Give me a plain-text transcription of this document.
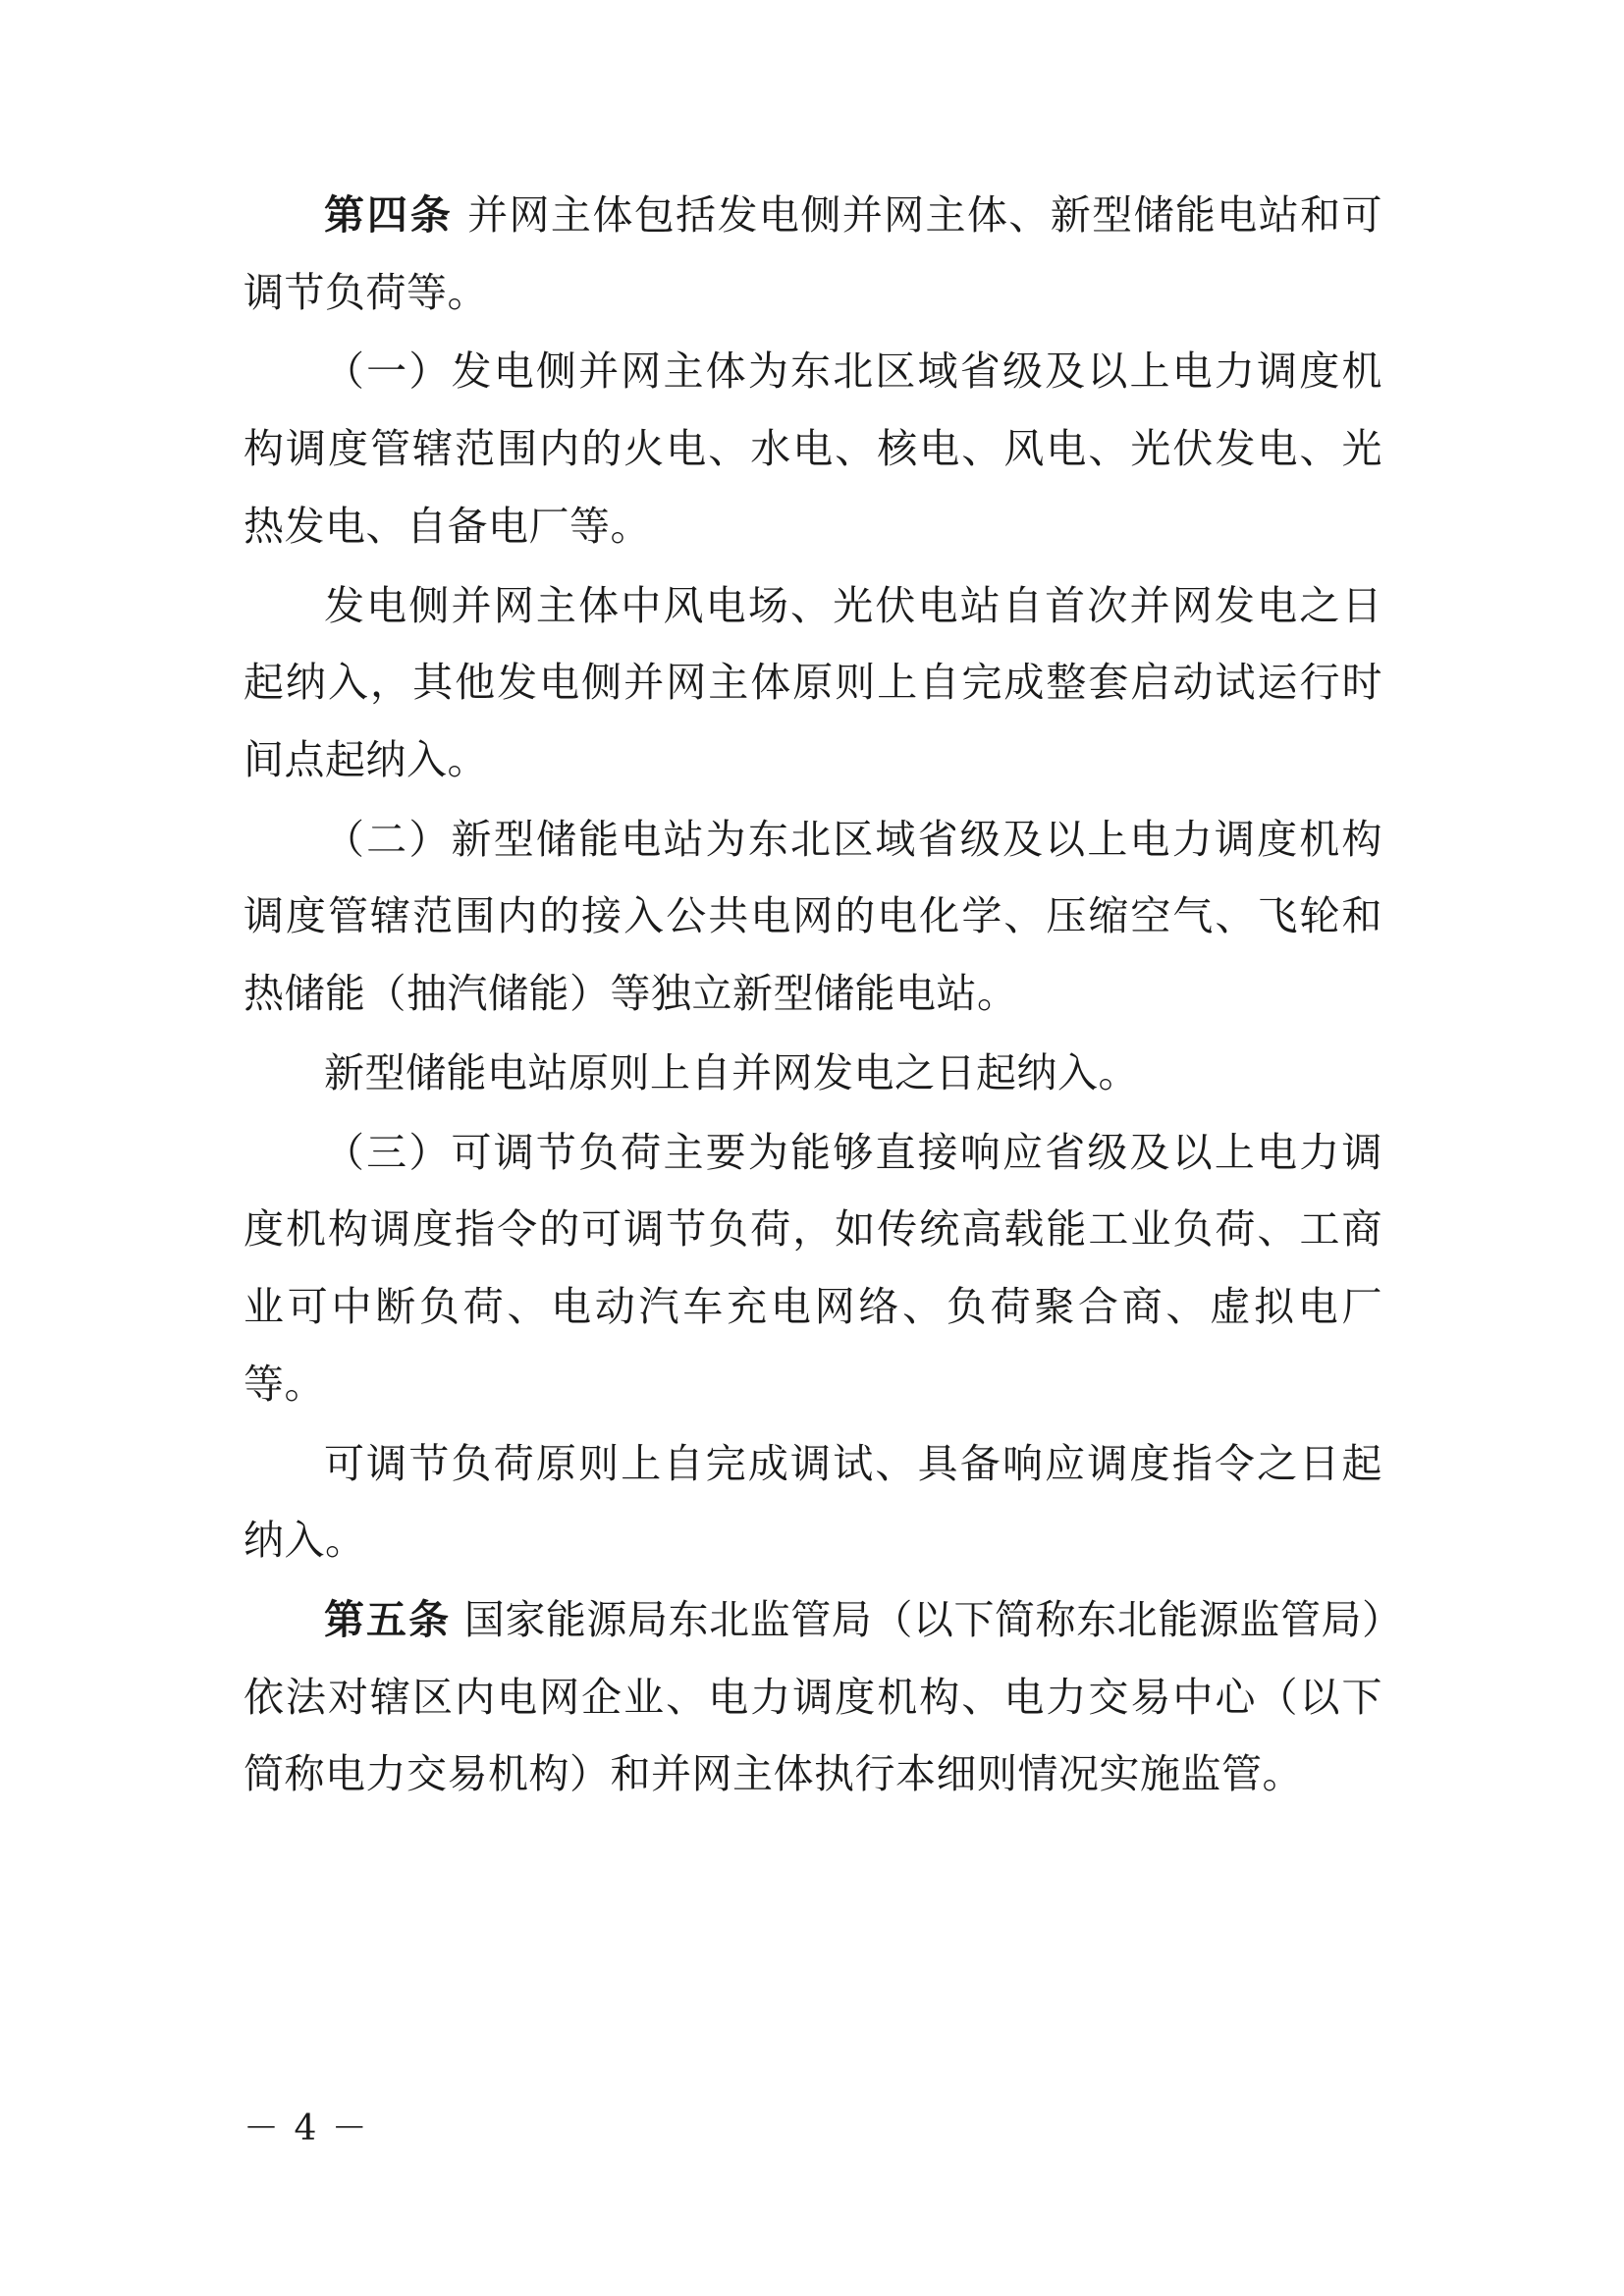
第四条 并网主体包括发电侧并网主体、新型储能电站和可调节负荷等。

（一）发电侧并网主体为东北区域省级及以上电力调度机构调度管辖范围内的火电、水电、核电、风电、光伏发电、光热发电、自备电厂等。

发电侧并网主体中风电场、光伏电站自首次并网发电之日起纳入，其他发电侧并网主体原则上自完成整套启动试运行时间点起纳入。

（二）新型储能电站为东北区域省级及以上电力调度机构调度管辖范围内的接入公共电网的电化学、压缩空气、飞轮和热储能（抽汽储能）等独立新型储能电站。

新型储能电站原则上自并网发电之日起纳入。

（三）可调节负荷主要为能够直接响应省级及以上电力调度机构调度指令的可调节负荷，如传统高载能工业负荷、工商业可中断负荷、电动汽车充电网络、负荷聚合商、虚拟电厂等。

可调节负荷原则上自完成调试、具备响应调度指令之日起纳入。

第五条 国家能源局东北监管局（以下简称东北能源监管局）依法对辖区内电网企业、电力调度机构、电力交易中心（以下简称电力交易机构）和并网主体执行本细则情况实施监管。

－ 4 －
